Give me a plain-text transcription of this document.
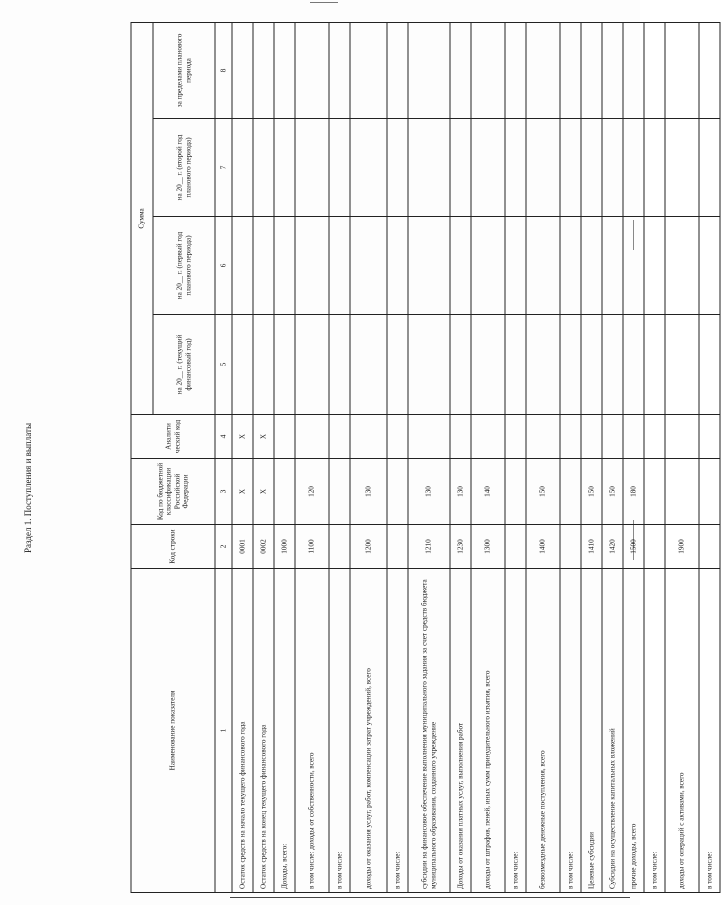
Раздел 1. Поступления и выплаты
Наименование показателя	Код строки	Код по бюджетной классификации Российской Федерации	Аналити ческий код	Сумма			
				на 20__ г. (текущий финансовый год)	на 20__ г. (первый год планового периода)	на 20__ г. (второй год планового периода)	за пределами планового периода
1	2	3	4	5	6	7	8
Остаток средств на начало текущего финансового года	0001	X	X				
Остаток средств на конец текущего финансового года	0002	X	X				
Доходы, всего:	1000						
в том числе: доходы от собственности, всего	1100	120					
в том числе:							
доходы от оказания услуг, работ, компенсации затрат учреждений, всего	1200	130					
в том числе:							
субсидии на финансовое обеспечение выполнения муниципального задания за счет средств бюджета муниципального образования, созданного учреждение	1210	130					
Доходы от оказания платных услуг, выполнения работ	1230	130					
доходы от штрафов, пеней, иных сумм принудительного изъятия, всего	1300	140					
в том числе:							
безвозмездные денежные поступления, всего	1400	150					
в том числе:							
Целевые субсидии	1410	150					
Субсидии на осуществление капитальных вложений	1420	150					
прочие доходы, всего	1500	180					
в том числе:							
доходы от операций с активами, всего	1900						
в том числе:							
